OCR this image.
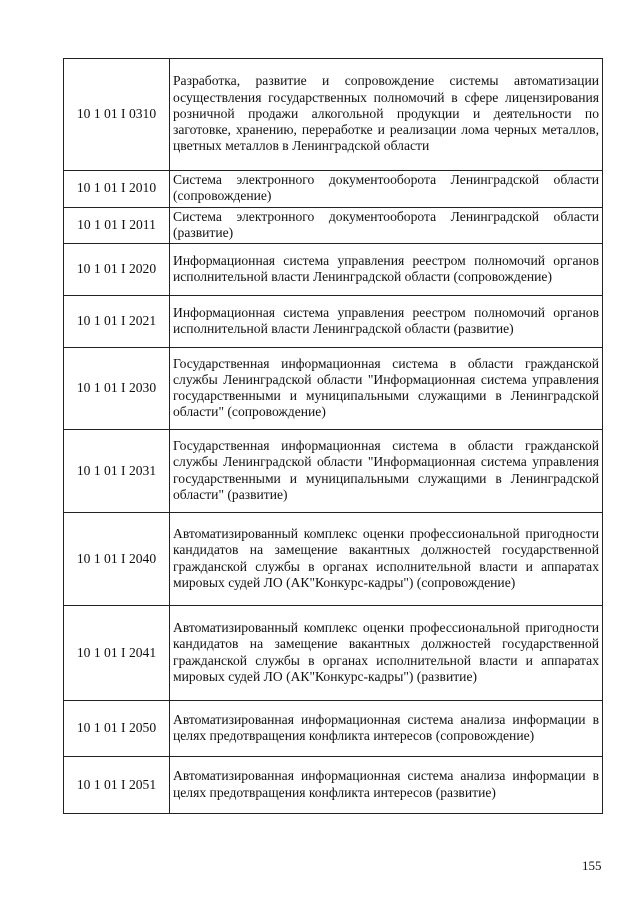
10 1 01 I 0310	Разработка, развитие и сопровождение системы автоматизации осуществления государственных полномочий в сфере лицензирования розничной продажи алкогольной продукции и деятельности по заготовке, хранению, переработке и реализации лома черных металлов, цветных металлов в Ленинградской области
10 1 01 I 2010	Система электронного документооборота Ленинградской области (сопровождение)
10 1 01 I 2011	Система электронного документооборота Ленинградской области (развитие)
10 1 01 I 2020	Информационная система управления реестром полномочий органов исполнительной власти Ленинградской области (сопровождение)
10 1 01 I 2021	Информационная система управления реестром полномочий органов исполнительной власти Ленинградской области (развитие)
10 1 01 I 2030	Государственная информационная система в области гражданской службы Ленинградской области "Информационная система управления государственными и муниципальными служащими в Ленинградской области" (сопровождение)
10 1 01 I 2031	Государственная информационная система в области гражданской службы Ленинградской области "Информационная система управления государственными и муниципальными служащими в Ленинградской области" (развитие)
10 1 01 I 2040	Автоматизированный комплекс оценки профессиональной пригодности кандидатов на замещение вакантных должностей государственной гражданской службы в органах исполнительной власти и аппаратах мировых судей ЛО (АК"Конкурс-кадры") (сопровождение)
10 1 01 I 2041	Автоматизированный комплекс оценки профессиональной пригодности кандидатов на замещение вакантных должностей государственной гражданской службы в органах исполнительной власти и аппаратах мировых судей ЛО (АК"Конкурс-кадры") (развитие)
10 1 01 I 2050	Автоматизированная информационная система анализа информации в целях предотвращения конфликта интересов (сопровождение)
10 1 01 I 2051	Автоматизированная информационная система анализа информации в целях предотвращения конфликта интересов (развитие)
155
